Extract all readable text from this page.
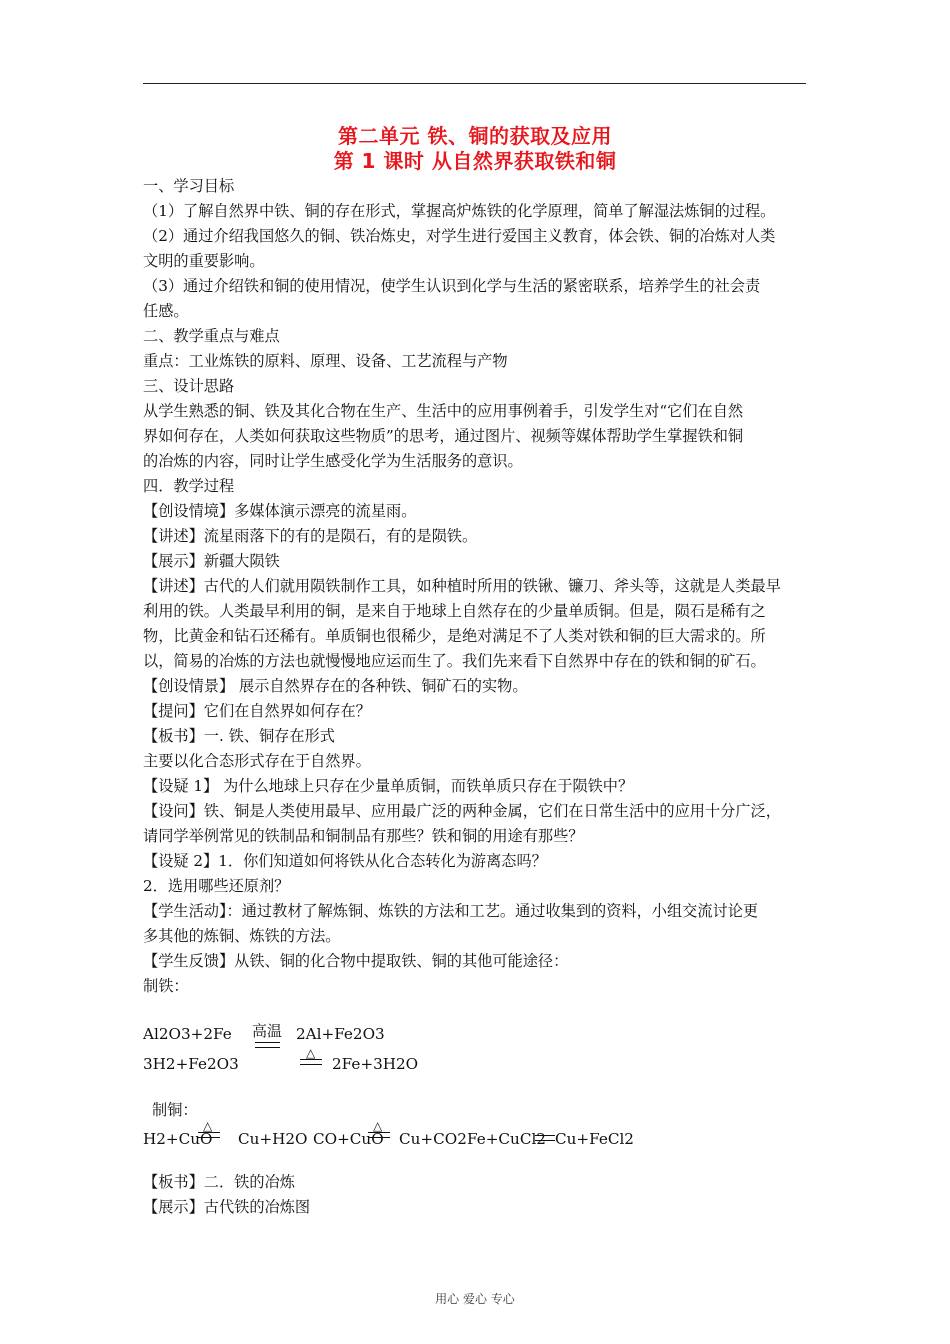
第二单元 铁、铜的获取及应用
第 1 课时 从自然界获取铁和铜

一、学习目标

（1）了解自然界中铁、铜的存在形式，掌握高炉炼铁的化学原理，简单了解湿法炼铜的过程。

（2）通过介绍我国悠久的铜、铁冶炼史，对学生进行爱国主义教育，体会铁、铜的冶炼对人类

文明的重要影响。

（3）通过介绍铁和铜的使用情况，使学生认识到化学与生活的紧密联系，培养学生的社会责

任感。

二、教学重点与难点

重点：工业炼铁的原料、原理、设备、工艺流程与产物

三、设计思路

从学生熟悉的铜、铁及其化合物在生产、生活中的应用事例着手，引发学生对“它们在自然

界如何存在，人类如何获取这些物质”的思考，通过图片、视频等媒体帮助学生掌握铁和铜

的冶炼的内容，同时让学生感受化学为生活服务的意识。

四．教学过程

【创设情境】多媒体演示漂亮的流星雨。

【讲述】流星雨落下的有的是陨石，有的是陨铁。

【展示】新疆大陨铁

【讲述】古代的人们就用陨铁制作工具，如种植时所用的铁锹、镰刀、斧头等，这就是人类最早

利用的铁。人类最早利用的铜，是来自于地球上自然存在的少量单质铜。但是，陨石是稀有之

物，比黄金和钻石还稀有。单质铜也很稀少，是绝对满足不了人类对铁和铜的巨大需求的。所

以，简易的冶炼的方法也就慢慢地应运而生了。我们先来看下自然界中存在的铁和铜的矿石。

【创设情景】 展示自然界存在的各种铁、铜矿石的实物。

【提问】它们在自然界如何存在？

【板书】一. 铁、铜存在形式

主要以化合态形式存在于自然界。

【设疑 1】 为什么地球上只存在少量单质铜，而铁单质只存在于陨铁中？

【设问】铁、铜是人类使用最早、应用最广泛的两种金属，它们在日常生活中的应用十分广泛，

请同学举例常见的铁制品和铜制品有那些？铁和铜的用途有那些？

【设疑 2】1．你们知道如何将铁从化合态转化为游离态吗？

2．选用哪些还原剂？

【学生活动】：通过教材了解炼铜、炼铁的方法和工艺。通过收集到的资料，小组交流讨论更

多其他的炼铜、炼铁的方法。

【学生反馈】从铁、铜的化合物中提取铁、铜的其他可能途径：

制铁：

Al2O3+2Fe 高温 2Al+Fe2O3
3H2+Fe2O3
△
2Fe+3H2O
制铜：
H2+CuO
△
Cu+H2O CO+CuO
△
Cu+CO2 Fe+CuCl2 Cu+FeCl2

【板书】二．铁的冶炼

【展示】古代铁的冶炼图

用心 爱心 专心
